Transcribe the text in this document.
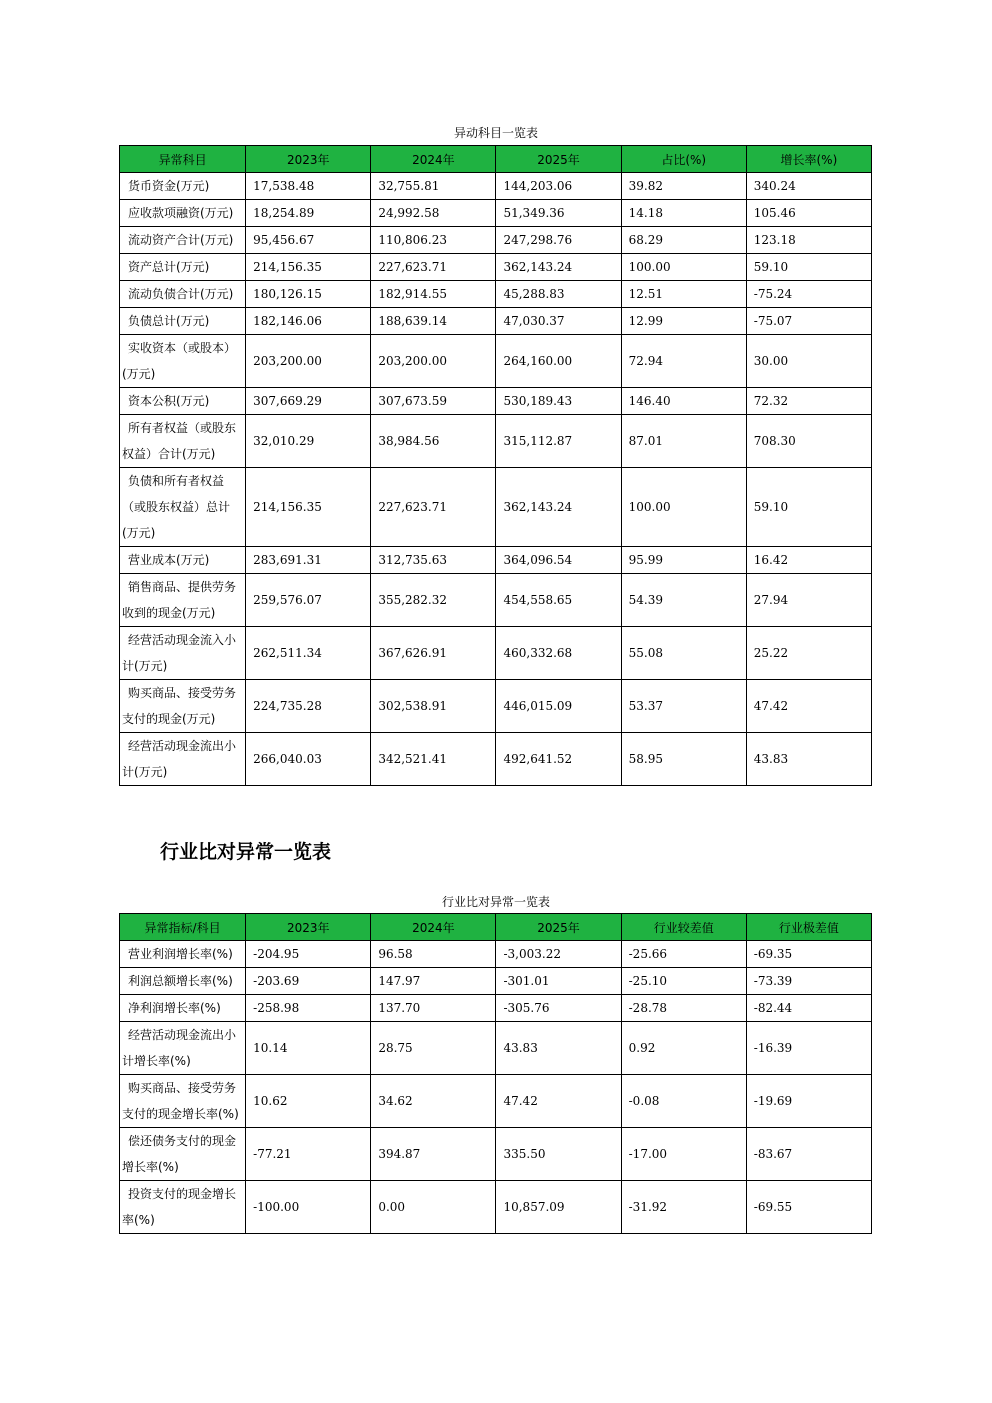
异动科目一览表
异常科目	2023年	2024年	2025年	占比(%)	增长率(%)
货币资金(万元)	17,538.48	32,755.81	144,203.06	39.82	340.24
应收款项融资(万元)	18,254.89	24,992.58	51,349.36	14.18	105.46
流动资产合计(万元)	95,456.67	110,806.23	247,298.76	68.29	123.18
资产总计(万元)	214,156.35	227,623.71	362,143.24	100.00	59.10
流动负债合计(万元)	180,126.15	182,914.55	45,288.83	12.51	-75.24
负债总计(万元)	182,146.06	188,639.14	47,030.37	12.99	-75.07
实收资本（或股本）(万元)	203,200.00	203,200.00	264,160.00	72.94	30.00
资本公积(万元)	307,669.29	307,673.59	530,189.43	146.40	72.32
所有者权益（或股东权益）合计(万元)	32,010.29	38,984.56	315,112.87	87.01	708.30
负债和所有者权益（或股东权益）总计(万元)	214,156.35	227,623.71	362,143.24	100.00	59.10
营业成本(万元)	283,691.31	312,735.63	364,096.54	95.99	16.42
销售商品、提供劳务收到的现金(万元)	259,576.07	355,282.32	454,558.65	54.39	27.94
经营活动现金流入小计(万元)	262,511.34	367,626.91	460,332.68	55.08	25.22
购买商品、接受劳务支付的现金(万元)	224,735.28	302,538.91	446,015.09	53.37	47.42
经营活动现金流出小计(万元)	266,040.03	342,521.41	492,641.52	58.95	43.83
行业比对异常一览表
行业比对异常一览表
异常指标/科目	2023年	2024年	2025年	行业较差值	行业极差值
营业利润增长率(%)	-204.95	96.58	-3,003.22	-25.66	-69.35
利润总额增长率(%)	-203.69	147.97	-301.01	-25.10	-73.39
净利润增长率(%)	-258.98	137.70	-305.76	-28.78	-82.44
经营活动现金流出小计增长率(%)	10.14	28.75	43.83	0.92	-16.39
购买商品、接受劳务支付的现金增长率(%)	10.62	34.62	47.42	-0.08	-19.69
偿还债务支付的现金增长率(%)	-77.21	394.87	335.50	-17.00	-83.67
投资支付的现金增长率(%)	-100.00	0.00	10,857.09	-31.92	-69.55
